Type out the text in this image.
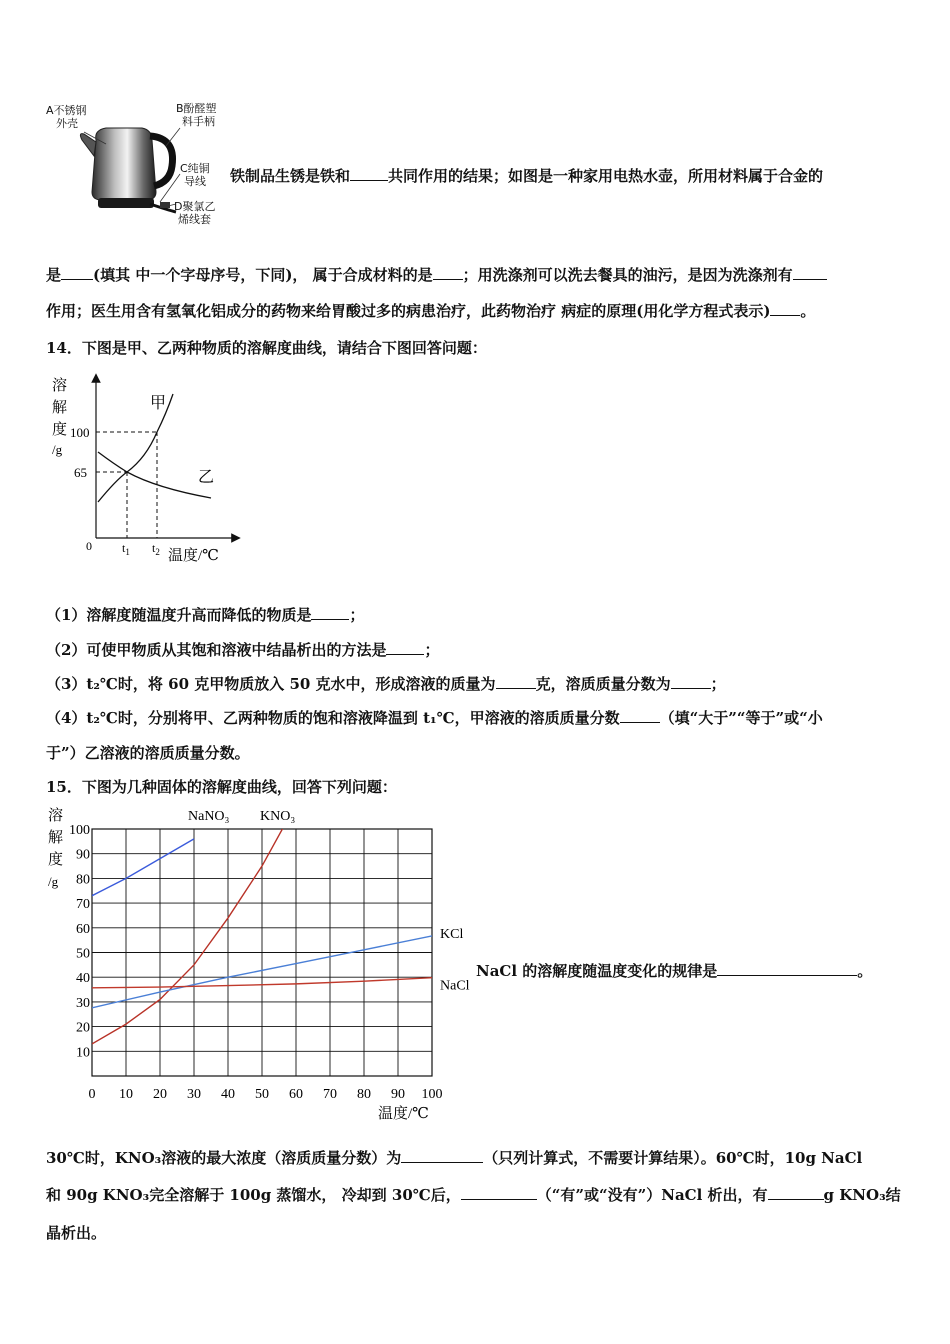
A不锈钢
外壳
B酚醛塑
料手柄
C纯铜
导线
D聚氯乙
烯线套
铁制品生锈是铁和	共同作用的结果；如图是一种家用电热水壶，所用材料属于合金的
是 (填其 中一个字母序号，下同)， 属于合成材料的是 ；用洗涤剂可以洗去餐具的油污，是因为洗涤剂有
作用；医生用含有氢氧化铝成分的药物来给胃酸过多的病患治疗，此药物治疗 病症的原理(用化学方程式表示) 。
14．下图是甲、乙两种物质的溶解度曲线，请结合下图回答问题：
甲
乙
100
65
0	$t_1$ $t_2$ 温度/℃
溶
解
度
/g
（1）溶解度随温度升高而降低的物质是	；
（2）可使甲物质从其饱和溶液中结晶析出的方法是	；
（3）t₂℃时，将 60 克甲物质放入 50 克水中，形成溶液的质量为	克，溶质质量分数为	；
（4）t₂℃时，分别将甲、乙两种物质的饱和溶液降温到 t₁℃，甲溶液的溶质质量分数	（填“大于”“等于”或“小
于”）乙溶液的溶质质量分数。
15．下图为几种固体的溶解度曲线，回答下列问题：
0 10 20 30 40 50 60 70 80 90 100
10
20
30
40
50
60
70
80
90
100
NaNO₃ KNO₃
KCl
NaCl
溶
解
度
/g
温度/℃
NaCl 的溶解度随温度变化的规律是	。
30℃时，KNO₃溶液的最大浓度（溶质质量分数）为	（只列计算式，不需要计算结果）。60℃时，10g NaCl
和 90g KNO₃完全溶解于 100g 蒸馏水， 冷却到 30℃后，	（“有”或“没有”）NaCl 析出，有	g KNO₃结
晶析出。
